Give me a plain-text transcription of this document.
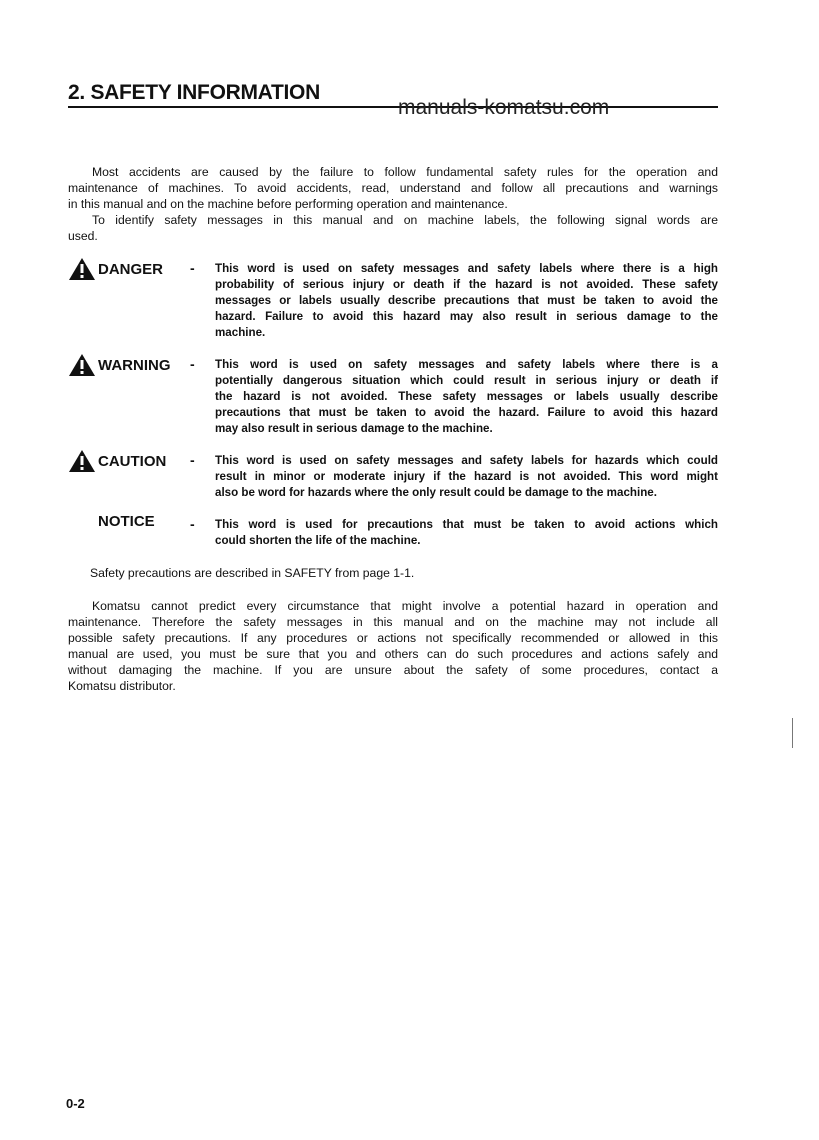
2. SAFETY INFORMATION
manuals-komatsu.com
Most accidents are caused by the failure to follow fundamental safety rules for the operation and
maintenance of machines. To avoid accidents, read, understand and follow all precautions and warnings
in this manual and on the machine before performing operation and maintenance.
To identify safety messages in this manual and on machine labels, the following signal words are
used.
DANGER - This word is used on safety messages and safety labels where there is a high
probability of serious injury or death if the hazard is not avoided. These safety
messages or labels usually describe precautions that must be taken to avoid the
hazard. Failure to avoid this hazard may also result in serious damage to the
machine.
WARNING - This word is used on safety messages and safety labels where there is a
potentially dangerous situation which could result in serious injury or death if
the hazard is not avoided. These safety messages or labels usually describe
precautions that must be taken to avoid the hazard. Failure to avoid this hazard
may also result in serious damage to the machine.
CAUTION - This word is used on safety messages and safety labels for hazards which could
result in minor or moderate injury if the hazard is not avoided. This word might
also be word for hazards where the only result could be damage to the machine.
NOTICE	- This word is used for precautions that must be taken to avoid actions which
could shorten the life of the machine.
Safety precautions are described in SAFETY from page 1-1.
Komatsu cannot predict every circumstance that might involve a potential hazard in operation and
maintenance. Therefore the safety messages in this manual and on the machine may not include all
possible safety precautions. If any procedures or actions not specifically recommended or allowed in this
manual are used, you must be sure that you and others can do such procedures and actions safely and
without damaging the machine. If you are unsure about the safety of some procedures, contact a
Komatsu distributor.
0-2
